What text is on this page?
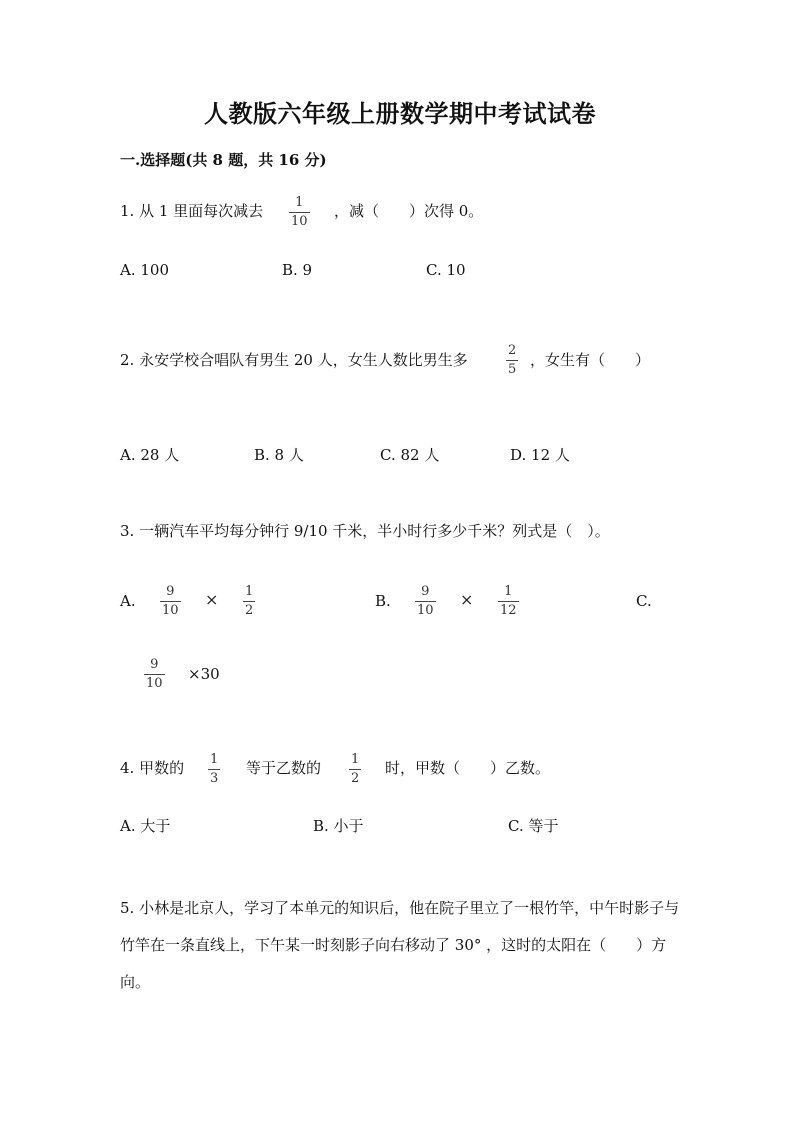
人教版六年级上册数学期中考试试卷
一.选择题(共 8 题，共 16 分)
1. 从 1 里面每次减去 1
10
，减（　　）次得 0。
A. 100	B. 9	C. 10
2. 永安学校合唱队有男生 20 人，女生人数比男生多
2
5
，女生有（　　）
A. 28 人	B. 8 人	C. 82 人	D. 12 人
3. 一辆汽车平均每分钟行 9/10 千米，半小时行多少千米？列式是（　）。
A.
9
10
× 1
2
B.
9
10
× 1
12
C.
9
10
×30
4. 甲数的 1
3
等于乙数的 1
2
时，甲数（　　）乙数。
A. 大于	B. 小于	C. 等于
5. 小林是北京人，学习了本单元的知识后，他在院子里立了一根竹竿，中午时影子与竹竿在一条直线上，下午某一时刻影子向右移动了 30° ，这时的太阳在（　　）方向。
